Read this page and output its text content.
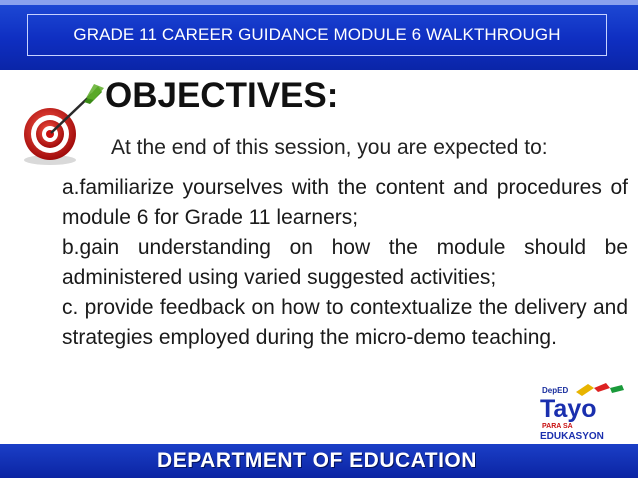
GRADE 11 CAREER GUIDANCE MODULE 6 WALKTHROUGH
OBJECTIVES:
At the end of this session, you are expected to:
a.familiarize yourselves with the content and procedures of module 6 for Grade 11 learners;
b.gain understanding on how the module should be administered using varied suggested activities;
c. provide feedback on how to contextualize the delivery and strategies employed during the micro-demo teaching.
DepED
Tayo
PARA SA
EDUKASYON
DEPARTMENT OF EDUCATION
